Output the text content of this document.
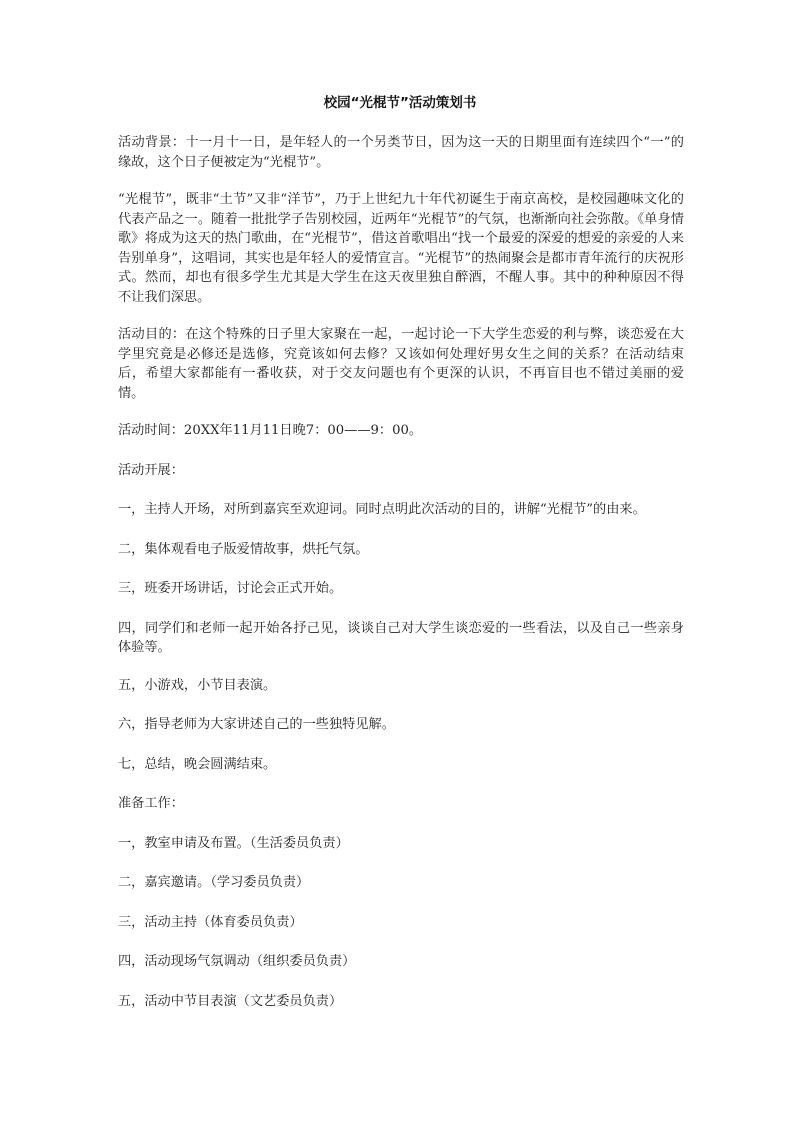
校园“光棍节”活动策划书

活动背景：十一月十一日，是年轻人的一个另类节日，因为这一天的日期里面有连续四个“一”的缘故，这个日子便被定为“光棍节”。

“光棍节”，既非“土节”又非“洋节”，乃于上世纪九十年代初诞生于南京高校，是校园趣味文化的代表产品之一。随着一批批学子告别校园，近两年“光棍节”的气氛，也渐渐向社会弥散。《单身情歌》将成为这天的热门歌曲，在“光棍节”，借这首歌唱出“找一个最爱的深爱的想爱的亲爱的人来告别单身”，这唱词，其实也是年轻人的爱情宣言。“光棍节”的热闹聚会是都市青年流行的庆祝形式。然而，却也有很多学生尤其是大学生在这天夜里独自醉酒，不醒人事。其中的种种原因不得不让我们深思。

活动目的：在这个特殊的日子里大家聚在一起，一起讨论一下大学生恋爱的利与弊，谈恋爱在大学里究竟是必修还是选修，究竟该如何去修？又该如何处理好男女生之间的关系？在活动结束后，希望大家都能有一番收获，对于交友问题也有个更深的认识，不再盲目也不错过美丽的爱情。

活动时间：20XX年11月11日晚7：00——9：00。

活动开展：

一，主持人开场，对所到嘉宾至欢迎词。同时点明此次活动的目的，讲解“光棍节”的由来。

二，集体观看电子版爱情故事，烘托气氛。

三，班委开场讲话，讨论会正式开始。

四，同学们和老师一起开始各抒己见，谈谈自己对大学生谈恋爱的一些看法，以及自己一些亲身体验等。

五，小游戏，小节目表演。

六，指导老师为大家讲述自己的一些独特见解。

七，总结，晚会圆满结束。

准备工作：

一，教室申请及布置。（生活委员负责）

二，嘉宾邀请。（学习委员负责）

三，活动主持（体育委员负责）

四，活动现场气氛调动（组织委员负责）

五，活动中节目表演（文艺委员负责）
